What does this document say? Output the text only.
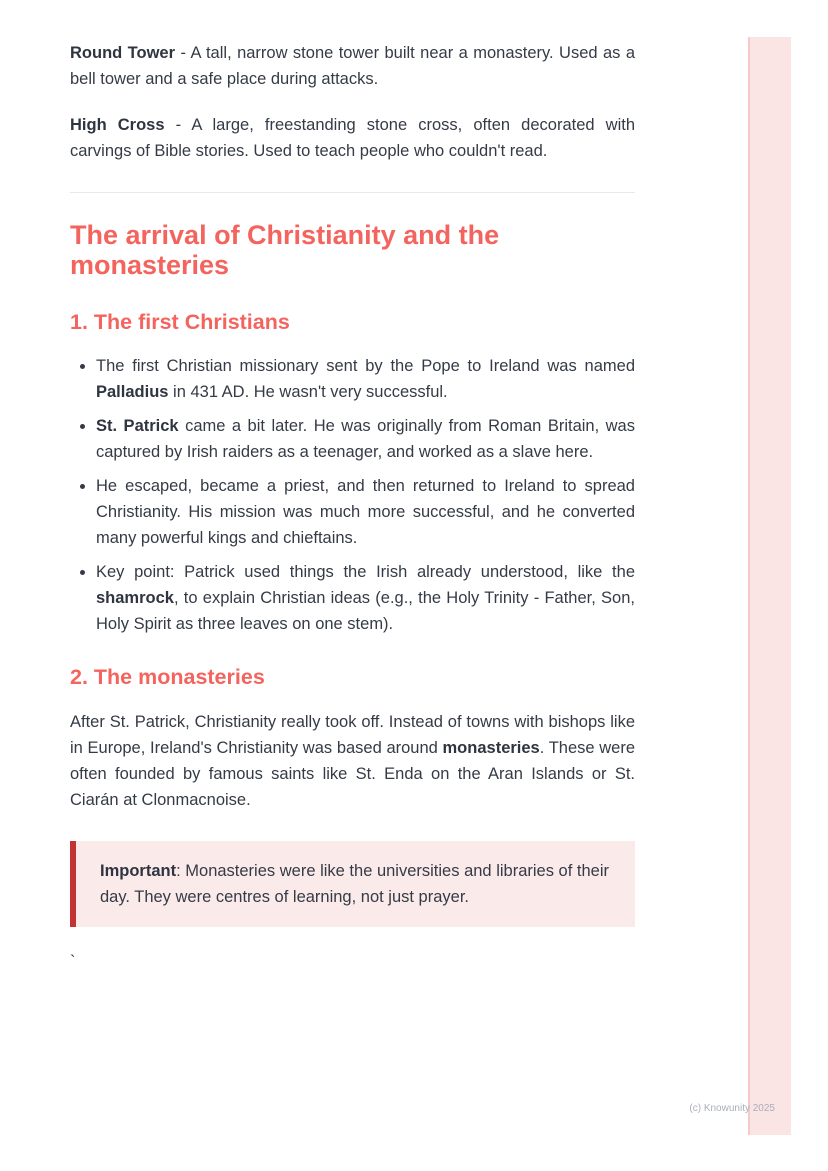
Round Tower - A tall, narrow stone tower built near a monastery. Used as a bell tower and a safe place during attacks.

High Cross - A large, freestanding stone cross, often decorated with carvings of Bible stories. Used to teach people who couldn't read.

The arrival of Christianity and the monasteries
1. The first Christians
• The first Christian missionary sent by the Pope to Ireland was named Palladius in 431 AD. He wasn't very successful.
• St. Patrick came a bit later. He was originally from Roman Britain, was captured by Irish raiders as a teenager, and worked as a slave here.
• He escaped, became a priest, and then returned to Ireland to spread Christianity. His mission was much more successful, and he converted many powerful kings and chieftains.
• Key point: Patrick used things the Irish already understood, like the shamrock, to explain Christian ideas (e.g., the Holy Trinity - Father, Son, Holy Spirit as three leaves on one stem).
2. The monasteries

After St. Patrick, Christianity really took off. Instead of towns with bishops like in Europe, Ireland's Christianity was based around monasteries. These were often founded by famous saints like St. Enda on the Aran Islands or St. Ciarán at Clonmacnoise.

Important: Monasteries were like the universities and libraries of their day. They were centres of learning, not just prayer.

`

(c) Knowunity 2025
